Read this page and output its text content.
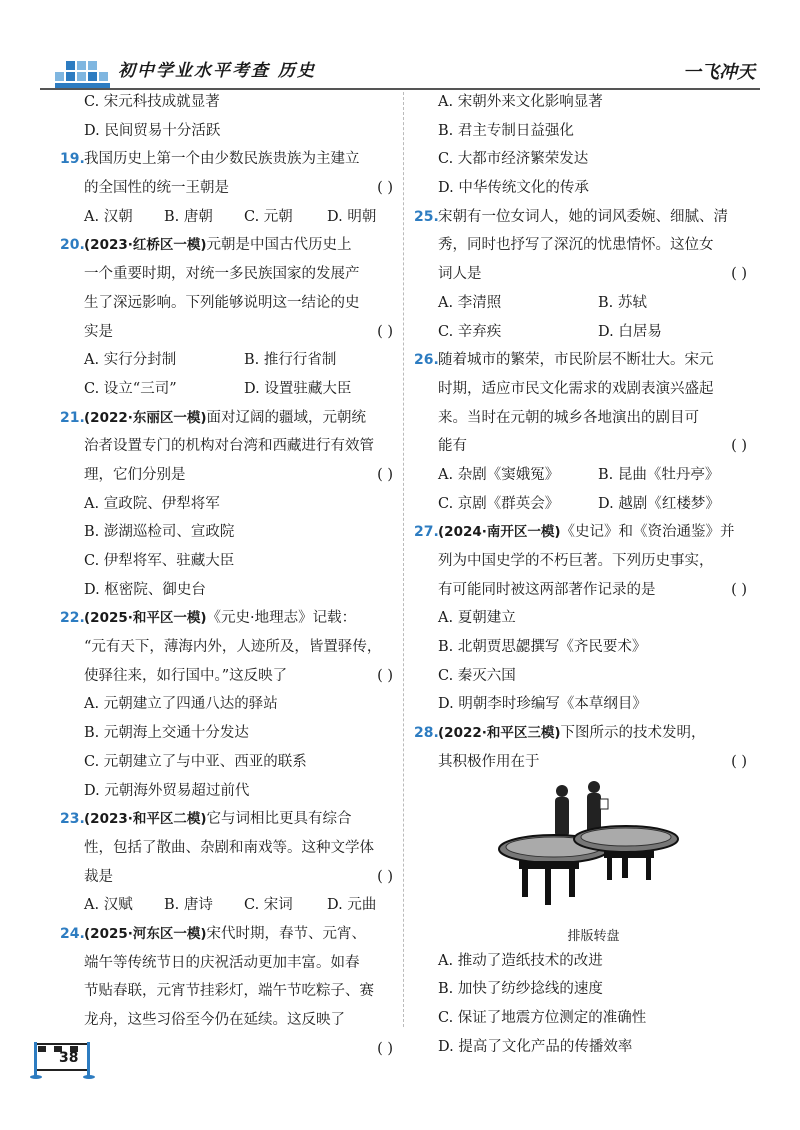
初中学业水平考查 历史	一飞冲天
C. 宋元科技成就显著
D. 民间贸易十分活跃
19.我国历史上第一个由少数民族贵族为主建立
的全国性的统一王朝是	( )
A. 汉朝 B. 唐朝 C. 元朝 D. 明朝
20.(2023·红桥区一模)元朝是中国古代历史上
一个重要时期，对统一多民族国家的发展产
生了深远影响。下列能够说明这一结论的史
实是	( )
A. 实行分封制	B. 推行行省制
C. 设立“三司”	D. 设置驻藏大臣
21.(2022·东丽区一模)面对辽阔的疆域，元朝统
治者设置专门的机构对台湾和西藏进行有效管
理，它们分别是	( )
A. 宣政院、伊犁将军
B. 澎湖巡检司、宣政院
C. 伊犁将军、驻藏大臣
D. 枢密院、御史台
22.(2025·和平区一模)《元史·地理志》记载：
“元有天下，薄海内外，人迹所及，皆置驿传，
使驿往来，如行国中。”这反映了	( )
A. 元朝建立了四通八达的驿站
B. 元朝海上交通十分发达
C. 元朝建立了与中亚、西亚的联系
D. 元朝海外贸易超过前代
23.(2023·和平区二模)它与词相比更具有综合
性，包括了散曲、杂剧和南戏等。这种文学体
裁是	( )
A. 汉赋 B. 唐诗 C. 宋词 D. 元曲
24.(2025·河东区一模)宋代时期，春节、元宵、
端午等传统节日的庆祝活动更加丰富。如春
节贴春联，元宵节挂彩灯，端午节吃粽子、赛
龙舟，这些习俗至今仍在延续。这反映了
( )
A. 宋朝外来文化影响显著
B. 君主专制日益强化
C. 大都市经济繁荣发达
D. 中华传统文化的传承
25.宋朝有一位女词人，她的词风委婉、细腻、清
秀，同时也抒写了深沉的忧患情怀。这位女
词人是	( )
A. 李清照	B. 苏轼
C. 辛弃疾	D. 白居易
26.随着城市的繁荣，市民阶层不断壮大。宋元
时期，适应市民文化需求的戏剧表演兴盛起
来。当时在元朝的城乡各地演出的剧目可
能有	( )
A. 杂剧《窦娥冤》	B. 昆曲《牡丹亭》
C. 京剧《群英会》	D. 越剧《红楼梦》
27.(2024·南开区一模)《史记》和《资治通鉴》并
列为中国史学的不朽巨著。下列历史事实，
有可能同时被这两部著作记录的是	( )
A. 夏朝建立
B. 北朝贾思勰撰写《齐民要术》
C. 秦灭六国
D. 明朝李时珍编写《本草纲目》
28.(2022·和平区三模)下图所示的技术发明，
其积极作用在于	( )
排版转盘
A. 推动了造纸技术的改进
B. 加快了纺纱捻线的速度
C. 保证了地震方位测定的准确性
D. 提高了文化产品的传播效率
38
